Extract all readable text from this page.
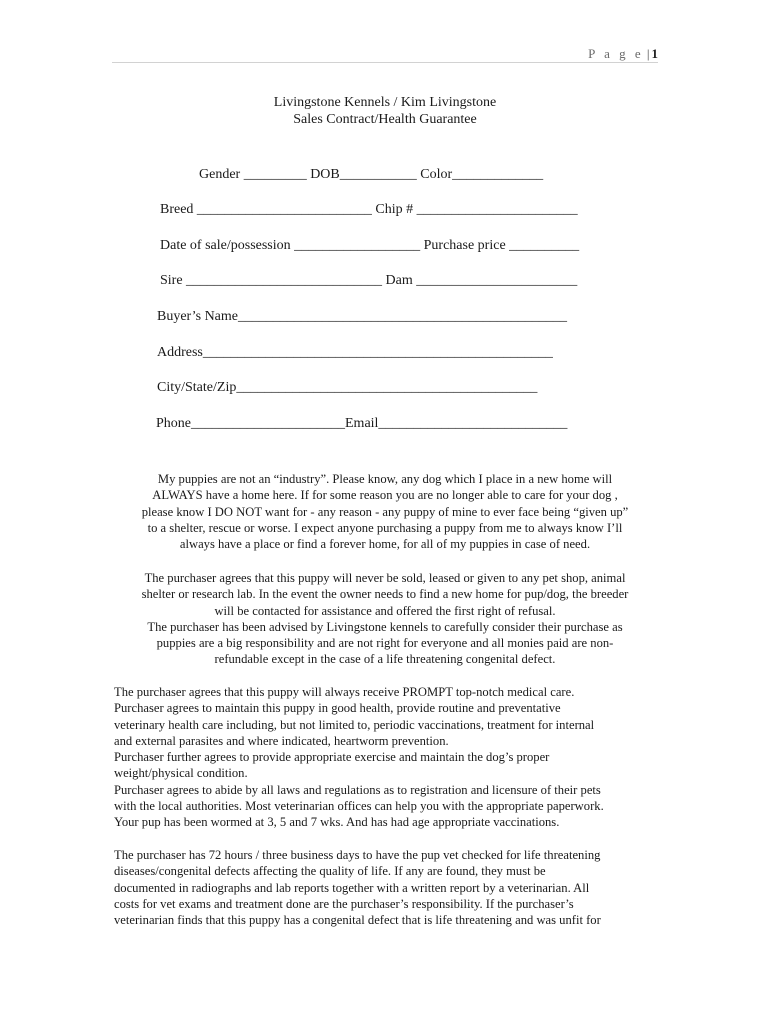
P a g e | 1
Livingstone Kennels / Kim Livingstone
Sales Contract/Health Guarantee
Gender _________ DOB___________ Color_____________
Breed _________________________ Chip # _______________________
Date of sale/possession __________________ Purchase price __________
Sire ____________________________ Dam _______________________
Buyer’s Name_______________________________________________
Address__________________________________________________
City/State/Zip___________________________________________
Phone______________________Email___________________________
My puppies are not an “industry”. Please know, any dog which I place in a new home will
ALWAYS have a home here. If for some reason you are no longer able to care for your dog ,
please know I DO NOT want for - any reason - any puppy of mine to ever face being “given up”
to a shelter, rescue or worse. I expect anyone purchasing a puppy from me to always know I’ll
always have a place or find a forever home, for all of my puppies in case of need.
The purchaser agrees that this puppy will never be sold, leased or given to any pet shop, animal
shelter or research lab. In the event the owner needs to find a new home for pup/dog, the breeder
will be contacted for assistance and offered the first right of refusal.
The purchaser has been advised by Livingstone kennels to carefully consider their purchase as
puppies are a big responsibility and are not right for everyone and all monies paid are non-
refundable except in the case of a life threatening congenital defect.
The purchaser agrees that this puppy will always receive PROMPT top-notch medical care.
Purchaser agrees to maintain this puppy in good health, provide routine and preventative
veterinary health care including, but not limited to, periodic vaccinations, treatment for internal
and external parasites and where indicated, heartworm prevention.
Purchaser further agrees to provide appropriate exercise and maintain the dog’s proper
weight/physical condition.
Purchaser agrees to abide by all laws and regulations as to registration and licensure of their pets
with the local authorities. Most veterinarian offices can help you with the appropriate paperwork.
Your pup has been wormed at 3, 5 and 7 wks. And has had age appropriate vaccinations.
The purchaser has 72 hours / three business days to have the pup vet checked for life threatening
diseases/congenital defects affecting the quality of life. If any are found, they must be
documented in radiographs and lab reports together with a written report by a veterinarian. All
costs for vet exams and treatment done are the purchaser’s responsibility. If the purchaser’s
veterinarian finds that this puppy has a congenital defect that is life threatening and was unfit for
